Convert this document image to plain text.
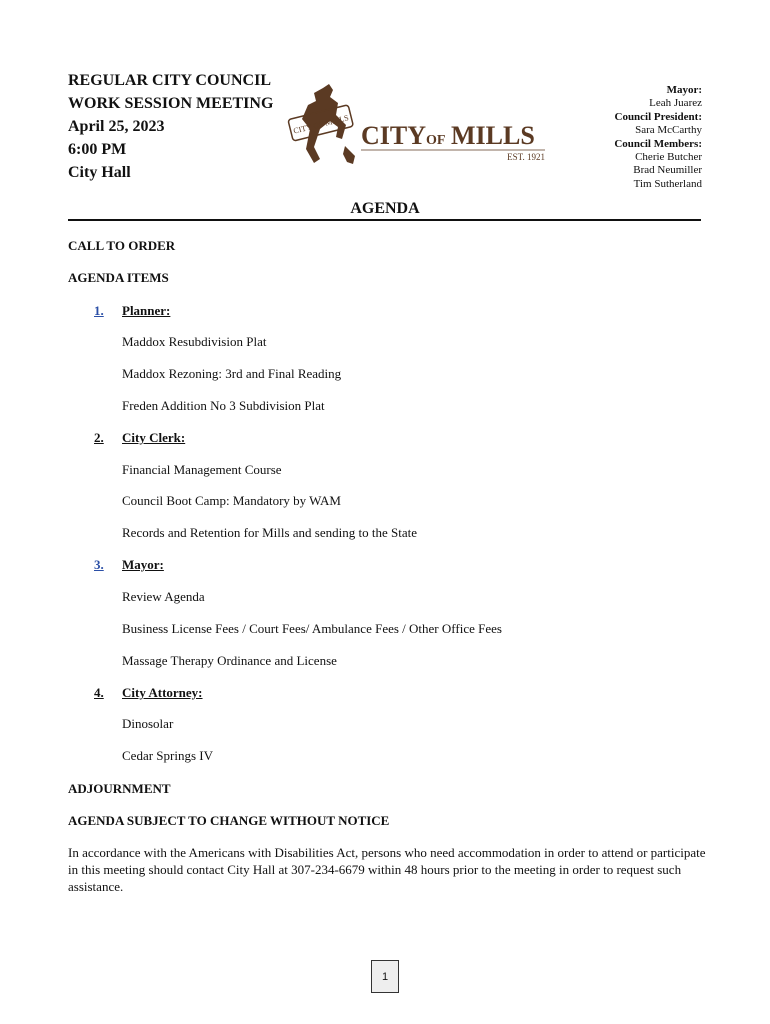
REGULAR CITY COUNCIL
WORK SESSION MEETING
April 25, 2023
6:00 PM
City Hall
CITY OF MILLS CITY OF MILLS
EST. 1921
Mayor:
Leah Juarez
Council President:
Sara McCarthy
Council Members:
Cherie Butcher
Brad Neumiller
Tim Sutherland
AGENDA
CALL TO ORDER
AGENDA ITEMS
1. Planner:
Maddox Resubdivision Plat
Maddox Rezoning: 3rd and Final Reading
Freden Addition No 3 Subdivision Plat
2. City Clerk:
Financial Management Course
Council Boot Camp: Mandatory by WAM
Records and Retention for Mills and sending to the State
3. Mayor:
Review Agenda
Business License Fees / Court Fees/ Ambulance Fees / Other Office Fees
Massage Therapy Ordinance and License
4. City Attorney:
Dinosolar
Cedar Springs IV
ADJOURNMENT
AGENDA SUBJECT TO CHANGE WITHOUT NOTICE
In accordance with the Americans with Disabilities Act, persons who need accommodation in order to attend or participate in this meeting should contact City Hall at 307-234-6679 within 48 hours prior to the meeting in order to request such assistance.
1
